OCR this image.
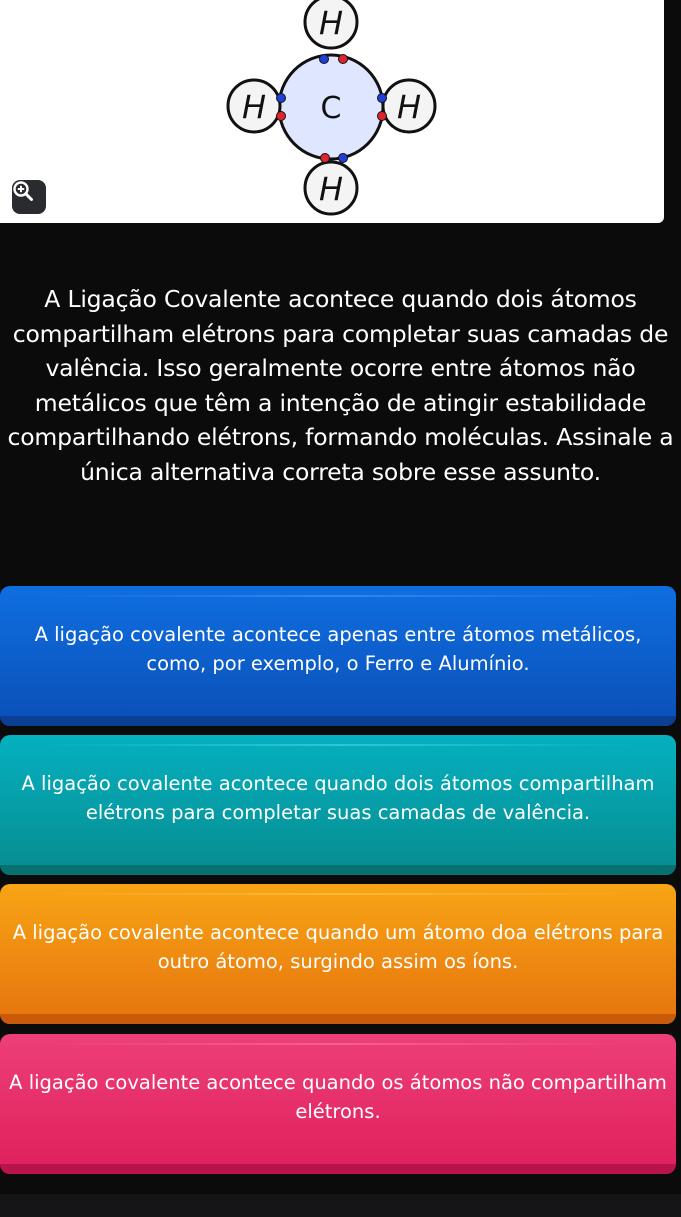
C
H
H	H
H
A Ligação Covalente acontece quando dois átomos compartilham elétrons para completar suas camadas de valência. Isso geralmente ocorre entre átomos não metálicos que têm a intenção de atingir estabilidade compartilhando elétrons, formando moléculas. Assinale a única alternativa correta sobre esse assunto.
A ligação covalente acontece apenas entre átomos metálicos, como, por exemplo, o Ferro e Alumínio.
A ligação covalente acontece quando dois átomos compartilham elétrons para completar suas camadas de valência.
A ligação covalente acontece quando um átomo doa elétrons para outro átomo, surgindo assim os íons.
A ligação covalente acontece quando os átomos não compartilham elétrons.
